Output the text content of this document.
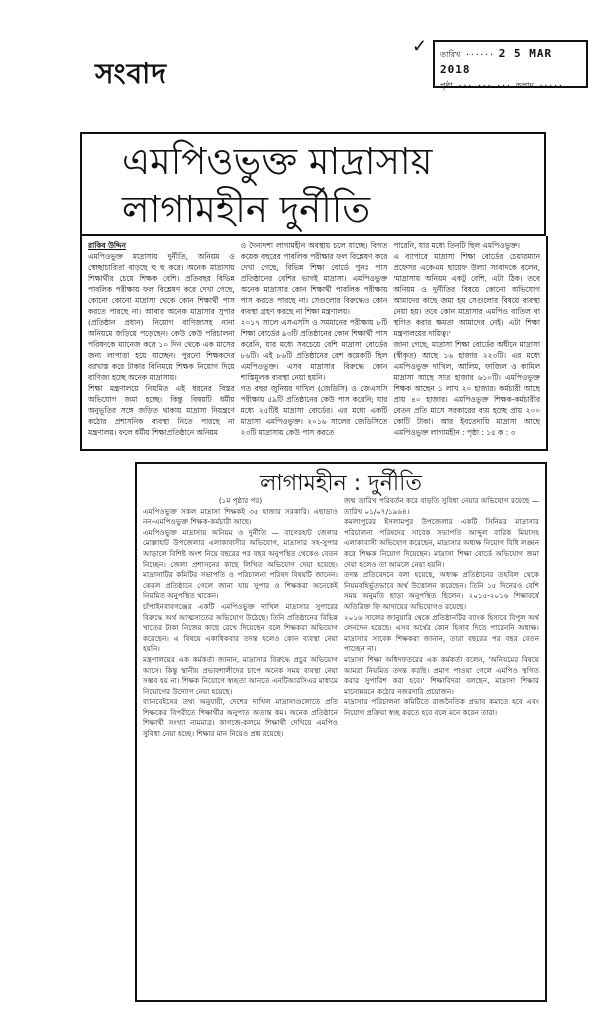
সংবাদ
✓ তারিখ ······ 2 5 MAR 2018
পৃষ্ঠা ··· ··· ··· কলাম ·····
এমপিওভুক্ত মাদ্রাসায়
লাগামহীন দুর্নীতি

রাকিব উদ্দিন

এমপিওভুক্ত মাদ্রাসায় দুর্নীতি, অনিয়ম ও স্বেচ্ছাচারিতা বাড়ছে হু হু করে। অনেক মাদ্রাসায় শিক্ষার্থীর চেয়ে শিক্ষক বেশি। প্রতিবছর বিভিন্ন পাবলিক পরীক্ষায় ফল বিশ্লেষণ করে দেখা গেছে, কোনো কোনো মাদ্রাসা থেকে কোন শিক্ষার্থী পাস করতে পারছে না। আবার অনেক মাদ্রাসার সুপার (প্রতিষ্ঠান প্রধান) নিয়োগ বাণিজ্যসহ নানা অনিয়মে জড়িয়ে পড়েছেন। কেউ কেউ পরিচালনা পরিষদকে ম্যানেজ করে ১০ দিন থেকে এক মাসের জন্য লাপাত্তা হয়ে যাচ্ছেন। পুরনো শিক্ষকদের বরখাস্ত করে টাকার বিনিময়ে শিক্ষক নিয়োগ দিয়ে বাণিজ্য হচ্ছে অনেক মাদ্রাসায়।

শিক্ষা মন্ত্রণালয়ে নিয়মিত এই ধরনের বিস্তর অভিযোগ জমা হচ্ছে। কিন্তু বিষয়টি ধর্মীয় অনুভূতির সঙ্গে জড়িত থাকায় মাদ্রাসা নিয়ন্ত্রণে কঠোর প্রশাসনিক ব্যবস্থা নিতে পারছে না মন্ত্রণালয়। ফলে ধর্মীয় শিক্ষাপ্রতিষ্ঠানে অনিয়ম

ও দৈন্যদশা লাগামহীন অবস্থায় চলে যাচ্ছে। বিগত কয়েক বছরের পাবলিক পরীক্ষার ফল বিশ্লেষণ করে দেখা গেছে, বিভিন্ন শিক্ষা বোর্ডে পুনঃ পাস প্রতিষ্ঠানের বেশির ভাগই মাদ্রাসা। এমপিওভুক্ত অনেক মাদ্রাসার কোন শিক্ষার্থী পাবলিক পরীক্ষায় পাস করতে পারছে না। সেগুলোর বিরুদ্ধেও কোন ব্যবস্থা গ্রহণ করছে না শিক্ষা মন্ত্রণালয়।

২০১৭ সালে এসএসসি ও সমমানের পরীক্ষায় ৮টি শিক্ষা বোর্ডের ৯৩টি প্রতিষ্ঠানের কোন শিক্ষার্থী পাস করেনি, যার মধ্যে সবচেয়ে বেশি মাদ্রাসা বোর্ডের ৮৬টি। এই ৮৬টি প্রতিষ্ঠানের বেশ কয়েকটি ছিল এমপিওভুক্ত। এসব মাদ্রাসার বিরুদ্ধে কোন শাস্তিমূলক ব্যবস্থা নেয়া হয়নি।

গত বছর জুনিয়র দাখিল (জেডিসি) ও জেএসসি পরীক্ষায় ৫৯টি প্রতিষ্ঠানের কেউ পাস করেনি; যার মধ্যে ২৫টিই মাদ্রাসা বোর্ডের। এর মধ্যে একটি মাদ্রাসা এমপিওভুক্ত। ২০১৬ সালের জেডিসিতে ২৩টি মাদ্রাসায় কেউ পাস করতে

পারেনি, যার মধ্যে তিনটি ছিল এমপিওভুক্ত।

এ ব্যাপারে মাদ্রাসা শিক্ষা বোর্ডের চেয়ারম্যান প্রফেসর একেএম ছায়েফ উল্যা সংবাদকে বলেন, 'মাদ্রাসায় অনিয়ম একটু বেশি, এটা ঠিক। তবে অনিয়ম ও দুর্নীতির বিষয়ে কোনো অভিযোগ আমাদের কাছে জমা হয় সেগুলোর বিষয়ে ব্যবস্থা নেয়া হয়। তবে কোন মাদ্রাসার এমপিও বাতিল বা স্থগিত করার ক্ষমতা আমাদের নেই। এটা শিক্ষা মন্ত্রণালয়ের দায়িত্ব।'

জানা গেছে, মাদ্রাসা শিক্ষা বোর্ডের অধীনে মাদ্রাসা (স্বীকৃত) আছে ১৬ হাজার ২২৩টি। এর মধ্যে এমপিওভুক্ত দাখিল, আলিম, ফাজিল ও কামিল মাদ্রাসা আছে সাত হাজার ৬১০টি। এমপিওভুক্ত শিক্ষক আছেন ১ লাখ ২০ হাজার। কর্মচারী আছে প্রায় ৪০ হাজার। এমপিওভুক্ত শিক্ষক-কর্মচারীর বেতন প্রতি মাসে সরকারের ব্যয় হচ্ছে প্রায় ২০০ কোটি টাকা। আর ইবতেদায়ি মাদ্রাসা আছে এমপিওভুক্ত লাগামহীন : পৃষ্ঠা : ১৫ ক : ৩

লাগামহীন : দুর্নীতি

(১ম পৃষ্ঠার পর)

এমপিওভুক্ত সকল মাদ্রাসা শিক্ষকই ৩৫ হাজার সরকারি। এছাড়াও নন-এমপিওভুক্ত শিক্ষক-কর্মচারী আছে।

এমপিওভুক্ত মাদ্রাসায় অনিয়ম ও দুর্নীতি — বাগেরহাট জেলার মোল্লাহাট উপজেলার এলাকাবাসীর অভিযোগ, মাদ্রাসার সহ-সুপার আড়ালে বিশিষ্ট অংশ নিয়ে বছরের পর বছর অনুপস্থিত থেকেও বেতন নিচ্ছেন। জেলা প্রশাসনের কাছে লিখিত অভিযোগ দেয়া হয়েছে। মাদ্রাসাটির কমিটির সভাপতি ও পরিচালনা পরিষদ বিষয়টি জানেন। কেবল প্রতিষ্ঠানে গেলে জানা যায় সুপার ও শিক্ষকরা অনেকেই নিয়মিত অনুপস্থিত থাকেন।

চাঁপাইনবাবগঞ্জের একটি এমপিওভুক্ত দাখিল মাদ্রাসার সুপারের বিরুদ্ধে অর্থ আত্মসাতের অভিযোগ উঠেছে। তিনি প্রতিষ্ঠানের বিভিন্ন খাতের টাকা নিজের কাছে রেখে দিয়েছেন বলে শিক্ষকরা অভিযোগ করেছেন। এ বিষয়ে একাধিকবার তদন্ত হলেও কোন ব্যবস্থা নেয়া হয়নি।

মন্ত্রণালয়ের এক কর্মকর্তা জানান, মাদ্রাসার বিরুদ্ধে প্রচুর অভিযোগ আসে। কিন্তু স্থানীয় প্রভাবশালীদের চাপে অনেক সময় ব্যবস্থা নেয়া সম্ভব হয় না। শিক্ষক নিয়োগে স্বচ্ছতা আনতে এনটিআরসিএর মাধ্যমে নিয়োগের উদ্যোগ নেয়া হয়েছে।

ব্যানবেইসের তথ্য অনুযায়ী, দেশের দাখিল মাদ্রাসাগুলোতে প্রতি শিক্ষকের বিপরীতে শিক্ষার্থীর অনুপাত অত্যন্ত কম। অনেক প্রতিষ্ঠানে শিক্ষার্থী সংখ্যা নামমাত্র। কাগজে-কলমে শিক্ষার্থী দেখিয়ে এমপিও সুবিধা নেয়া হচ্ছে। শিক্ষার মান নিয়েও প্রশ্ন রয়েছে।

জন্ম তারিখ পরিবর্তন করে বাড়তি সুবিধা নেয়ার অভিযোগ রয়েছে — তারিখ ০১/০৭/১৯৬৪।

কমলাপুরের ইসলামপুর উপজেলার একটি সিনিয়র মাদ্রাসার পরিচালনা পরিষদের সাবেক সভাপতি আব্দুল বারিক মিয়াসহ এলাকাবাসী অভিযোগ করেছেন, মাদ্রাসার অধ্যক্ষ নিয়োগ বিধি লঙ্ঘন করে শিক্ষক নিয়োগ দিয়েছেন। মাদ্রাসা শিক্ষা বোর্ডে অভিযোগ জমা দেয়া হলেও তা আমলে নেয়া হয়নি।

তদন্ত প্রতিবেদনে বলা হয়েছে, অধ্যক্ষ প্রতিষ্ঠানের তহবিল থেকে নিয়মবহির্ভূতভাবে অর্থ উত্তোলন করেছেন। তিনি ১৫ দিনেরও বেশি সময় অনুমতি ছাড়া অনুপস্থিত ছিলেন। ২০১৫-২০১৬ শিক্ষাবর্ষে অতিরিক্ত ফি আদায়ের অভিযোগও রয়েছে।

২০১৬ সালের জানুয়ারি থেকে প্রতিষ্ঠানটির ব্যাংক হিসাবে বিপুল অর্থ লেনদেন হয়েছে। এসব অর্থের কোন হিসাব দিতে পারেননি অধ্যক্ষ। মাদ্রাসার সাবেক শিক্ষকরা জানান, তারা বছরের পর বছর বেতন পাচ্ছেন না।

মাদ্রাসা শিক্ষা অধিদফতরের এক কর্মকর্তা বলেন, 'অনিয়মের বিষয়ে আমরা নিয়মিত তদন্ত করছি। প্রমাণ পাওয়া গেলে এমপিও স্থগিত করার সুপারিশ করা হবে।' শিক্ষাবিদরা বলছেন, মাদ্রাসা শিক্ষার মানোন্নয়নে কঠোর নজরদারি প্রয়োজন।

মাদ্রাসার পরিচালনা কমিটিতে রাজনৈতিক প্রভাব কমাতে হবে এবং নিয়োগ প্রক্রিয়া স্বচ্ছ করতে হবে বলে মনে করেন তারা।
